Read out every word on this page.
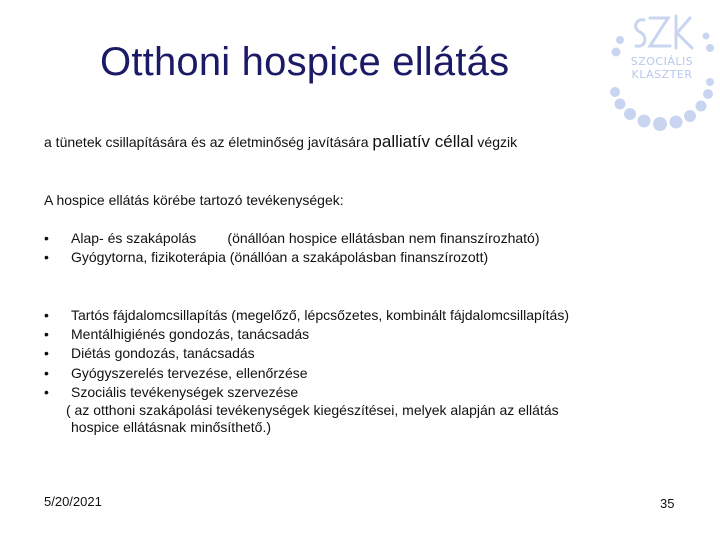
Otthoni hospice ellátás	SZOCIÁLIS
KLASZTER
a tünetek csillapítására és az életminőség javítására palliatív céllal végzik
A hospice ellátás körébe tartozó tevékenységek:
• Alap- és szakápolás        (önállóan hospice ellátásban nem finanszírozható)
• Gyógytorna, fizikoterápia (önállóan a szakápolásban finanszírozott)
• Tartós fájdalomcsillapítás (megelőző, lépcsőzetes, kombinált fájdalomcsillapítás)
• Mentálhigiénés gondozás, tanácsadás
• Diétás gondozás, tanácsadás
• Gyógyszerelés tervezése, ellenőrzése
• Szociális tevékenységek szervezése
( az otthoni szakápolási tevékenységek kiegészítései, melyek alapján az ellátás
hospice ellátásnak minősíthető.)
5/20/2021	35
